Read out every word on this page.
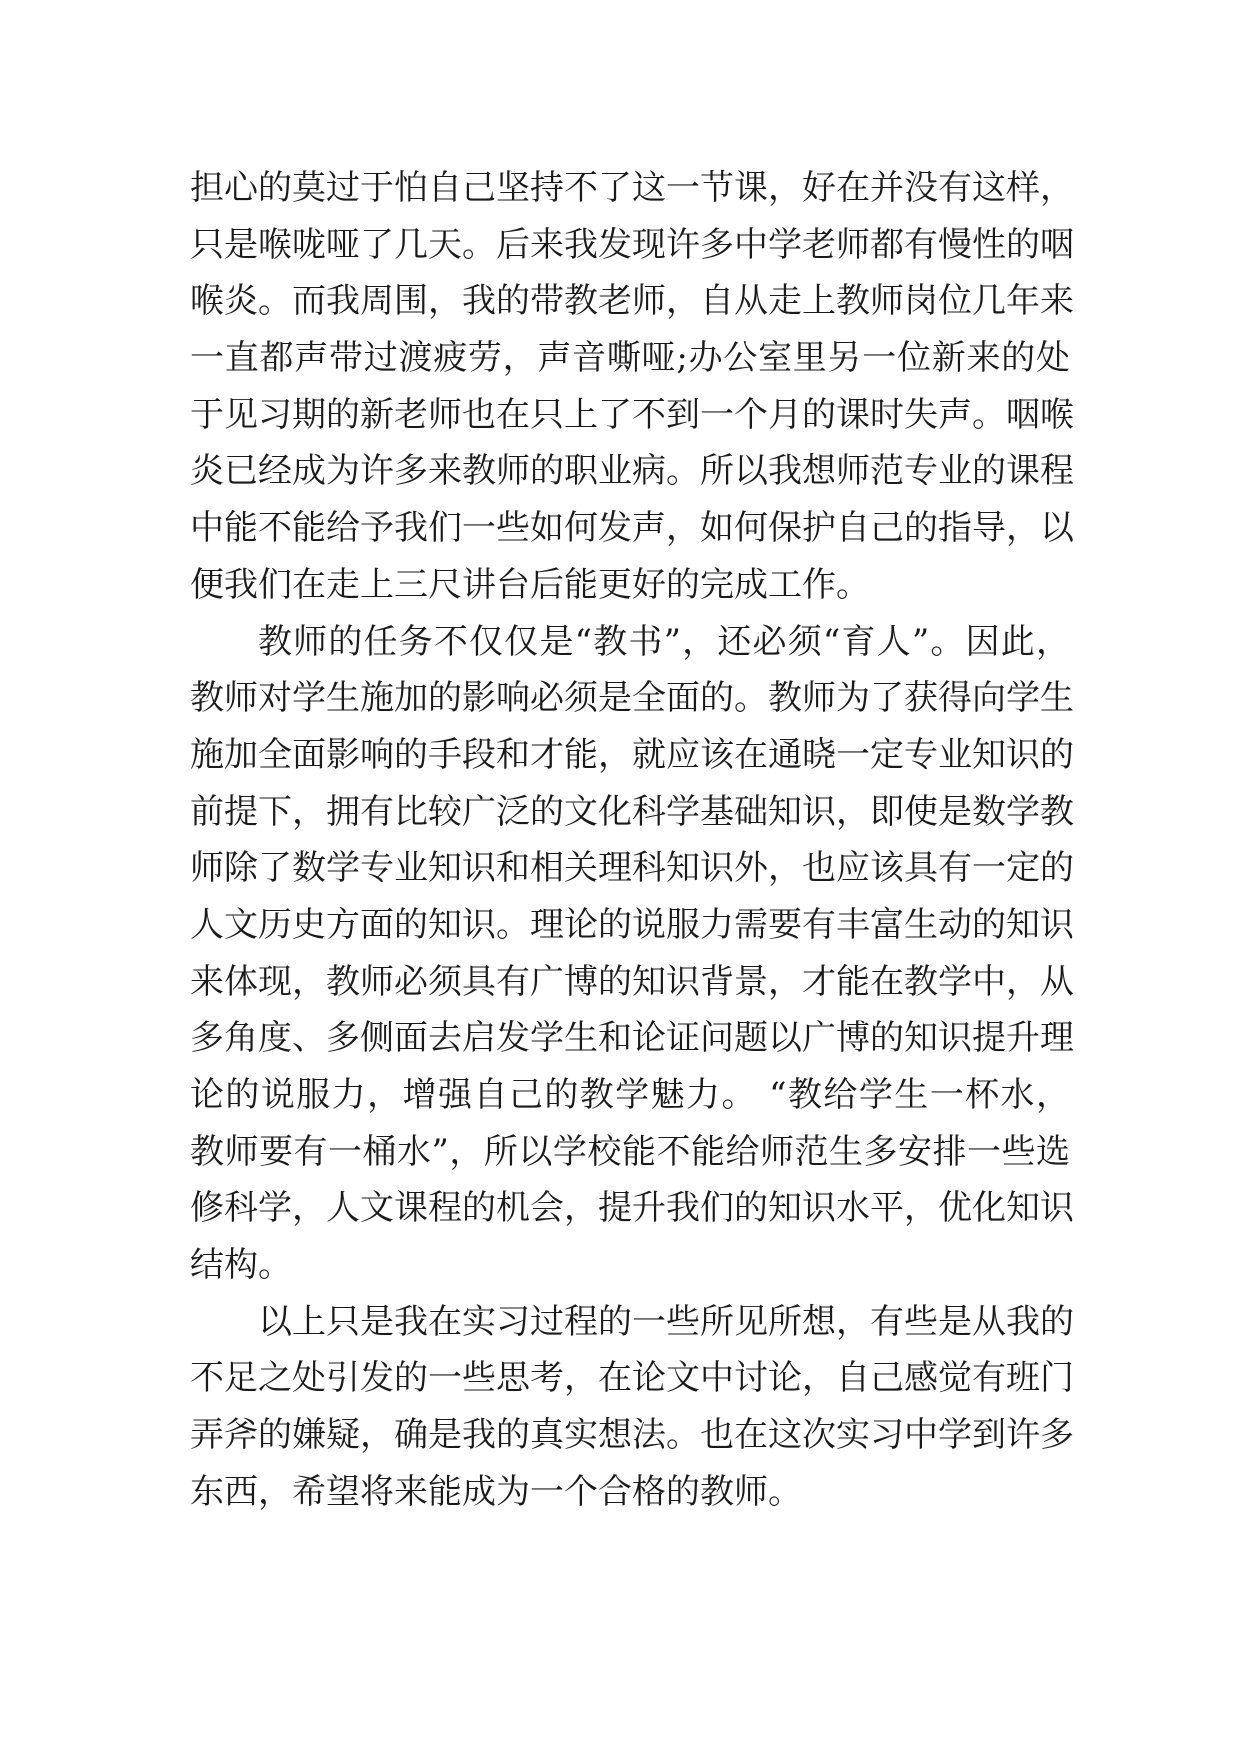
担心的莫过于怕自己坚持不了这一节课，好在并没有这样，
只是喉咙哑了几天。后来我发现许多中学老师都有慢性的咽
喉炎。而我周围，我的带教老师，自从走上教师岗位几年来
一直都声带过渡疲劳，声音嘶哑;办公室里另一位新来的处
于见习期的新老师也在只上了不到一个月的课时失声。咽喉
炎已经成为许多来教师的职业病。所以我想师范专业的课程
中能不能给予我们一些如何发声，如何保护自己的指导，以
便我们在走上三尺讲台后能更好的完成工作。
教师的任务不仅仅是“教书”，还必须“育人”。因此，
教师对学生施加的影响必须是全面的。教师为了获得向学生
施加全面影响的手段和才能，就应该在通晓一定专业知识的
前提下，拥有比较广泛的文化科学基础知识，即使是数学教
师除了数学专业知识和相关理科知识外，也应该具有一定的
人文历史方面的知识。理论的说服力需要有丰富生动的知识
来体现，教师必须具有广博的知识背景，才能在教学中，从
多角度、多侧面去启发学生和论证问题以广博的知识提升理
论的说服力，增强自己的教学魅力。 “教给学生一杯水，
教师要有一桶水”，所以学校能不能给师范生多安排一些选
修科学，人文课程的机会，提升我们的知识水平，优化知识
结构。
以上只是我在实习过程的一些所见所想，有些是从我的
不足之处引发的一些思考，在论文中讨论，自己感觉有班门
弄斧的嫌疑，确是我的真实想法。也在这次实习中学到许多
东西，希望将来能成为一个合格的教师。
